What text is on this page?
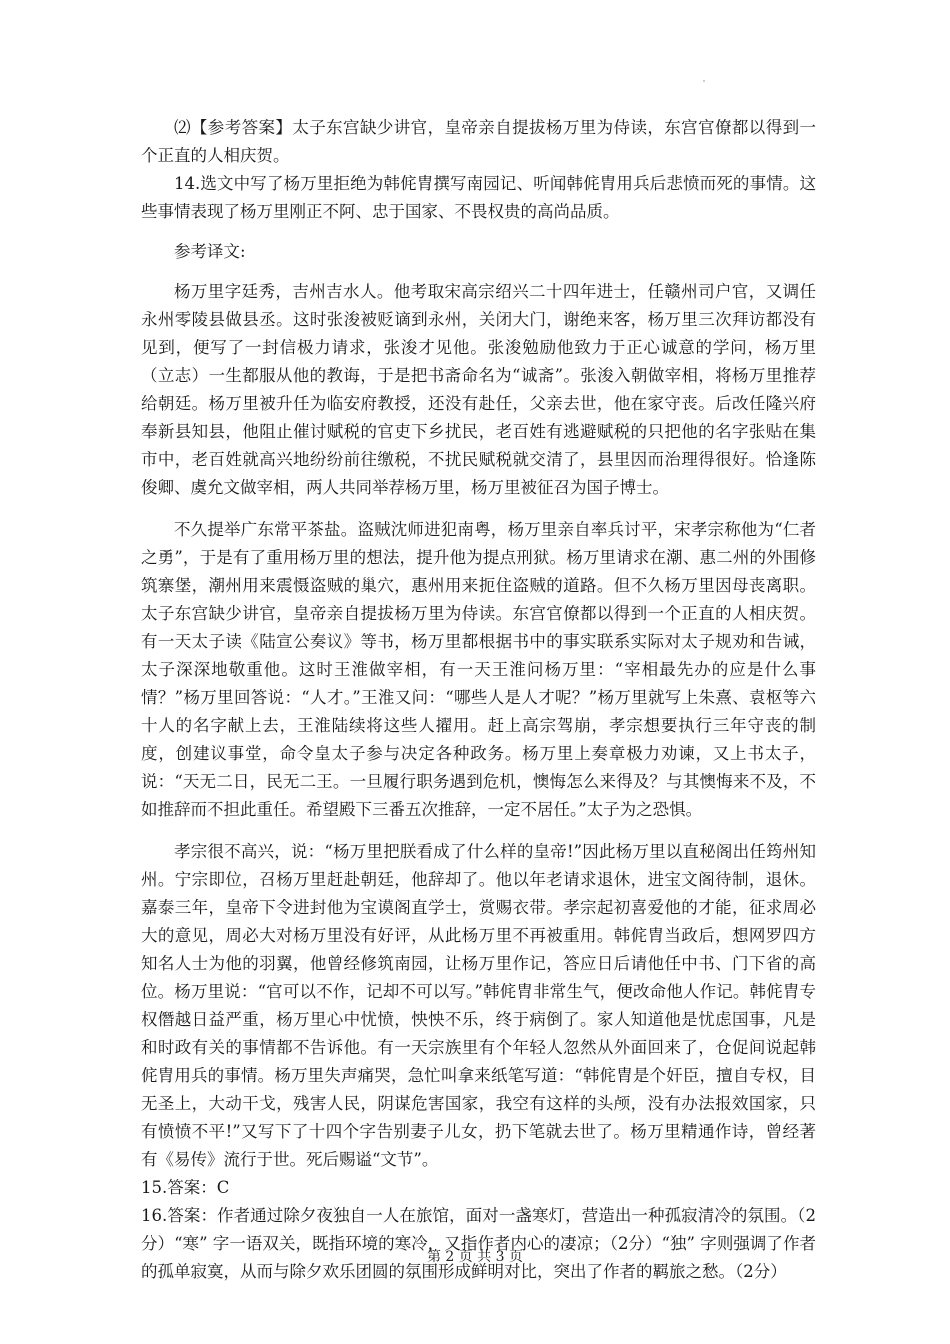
⑵【参考答案】太子东宫缺少讲官，皇帝亲自提拔杨万里为侍读，东宫官僚都以得到一个正直的人相庆贺。

14.选文中写了杨万里拒绝为韩侂胄撰写南园记、听闻韩侂胄用兵后悲愤而死的事情。这些事情表现了杨万里刚正不阿、忠于国家、不畏权贵的高尚品质。

参考译文:

杨万里字廷秀，吉州吉水人。他考取宋高宗绍兴二十四年进士，任赣州司户官，又调任永州零陵县做县丞。这时张浚被贬谪到永州，关闭大门，谢绝来客，杨万里三次拜访都没有见到，便写了一封信极力请求，张浚才见他。张浚勉励他致力于正心诚意的学问，杨万里（立志）一生都服从他的教诲，于是把书斋命名为“诚斋”。张浚入朝做宰相，将杨万里推荐给朝廷。杨万里被升任为临安府教授，还没有赴任，父亲去世，他在家守丧。后改任隆兴府奉新县知县，他阻止催讨赋税的官吏下乡扰民，老百姓有逃避赋税的只把他的名字张贴在集市中，老百姓就高兴地纷纷前往缴税，不扰民赋税就交清了，县里因而治理得很好。恰逢陈俊卿、虞允文做宰相，两人共同举荐杨万里，杨万里被征召为国子博士。

不久提举广东常平茶盐。盗贼沈师进犯南粤，杨万里亲自率兵讨平，宋孝宗称他为“仁者之勇”，于是有了重用杨万里的想法，提升他为提点刑狱。杨万里请求在潮、惠二州的外围修筑寨堡，潮州用来震慑盗贼的巢穴，惠州用来扼住盗贼的道路。但不久杨万里因母丧离职。太子东宫缺少讲官，皇帝亲自提拔杨万里为侍读。东宫官僚都以得到一个正直的人相庆贺。有一天太子读《陆宣公奏议》等书，杨万里都根据书中的事实联系实际对太子规劝和告诫，太子深深地敬重他。这时王淮做宰相，有一天王淮问杨万里：“宰相最先办的应是什么事情？”杨万里回答说：“人才。”王淮又问：“哪些人是人才呢？”杨万里就写上朱熹、袁枢等六十人的名字献上去，王淮陆续将这些人擢用。赶上高宗驾崩，孝宗想要执行三年守丧的制度，创建议事堂，命令皇太子参与决定各种政务。杨万里上奏章极力劝谏，又上书太子，说：“天无二日，民无二王。一旦履行职务遇到危机，懊悔怎么来得及？与其懊悔来不及，不如推辞而不担此重任。希望殿下三番五次推辞，一定不居任。”太子为之恐惧。

孝宗很不高兴，说：“杨万里把朕看成了什么样的皇帝!”因此杨万里以直秘阁出任筠州知州。宁宗即位，召杨万里赶赴朝廷，他辞却了。他以年老请求退休，进宝文阁待制，退休。嘉泰三年，皇帝下令进封他为宝谟阁直学士，赏赐衣带。孝宗起初喜爱他的才能，征求周必大的意见，周必大对杨万里没有好评，从此杨万里不再被重用。韩侂胄当政后，想网罗四方知名人士为他的羽翼，他曾经修筑南园，让杨万里作记，答应日后请他任中书、门下省的高位。杨万里说：“官可以不作，记却不可以写。”韩侂胄非常生气，便改命他人作记。韩侂胄专权僭越日益严重，杨万里心中忧愤，怏怏不乐，终于病倒了。家人知道他是忧虑国事，凡是和时政有关的事情都不告诉他。有一天宗族里有个年轻人忽然从外面回来了，仓促间说起韩侂胄用兵的事情。杨万里失声痛哭，急忙叫拿来纸笔写道：“韩侂胄是个奸臣，擅自专权，目无圣上，大动干戈，残害人民，阴谋危害国家，我空有这样的头颅，没有办法报效国家，只有愤愤不平!”又写下了十四个字告别妻子儿女，扔下笔就去世了。杨万里精通作诗，曾经著有《易传》流行于世。死后赐谥“文节”。

15.答案：C

16.答案：作者通过除夕夜独自一人在旅馆，面对一盏寒灯，营造出一种孤寂清冷的氛围。（2分）“寒” 字一语双关，既指环境的寒冷，又指作者内心的凄凉；（2分）“独” 字则强调了作者的孤单寂寞，从而与除夕欢乐团圆的氛围形成鲜明对比，突出了作者的羁旅之愁。（2分）

第 2 页 共 3 页
